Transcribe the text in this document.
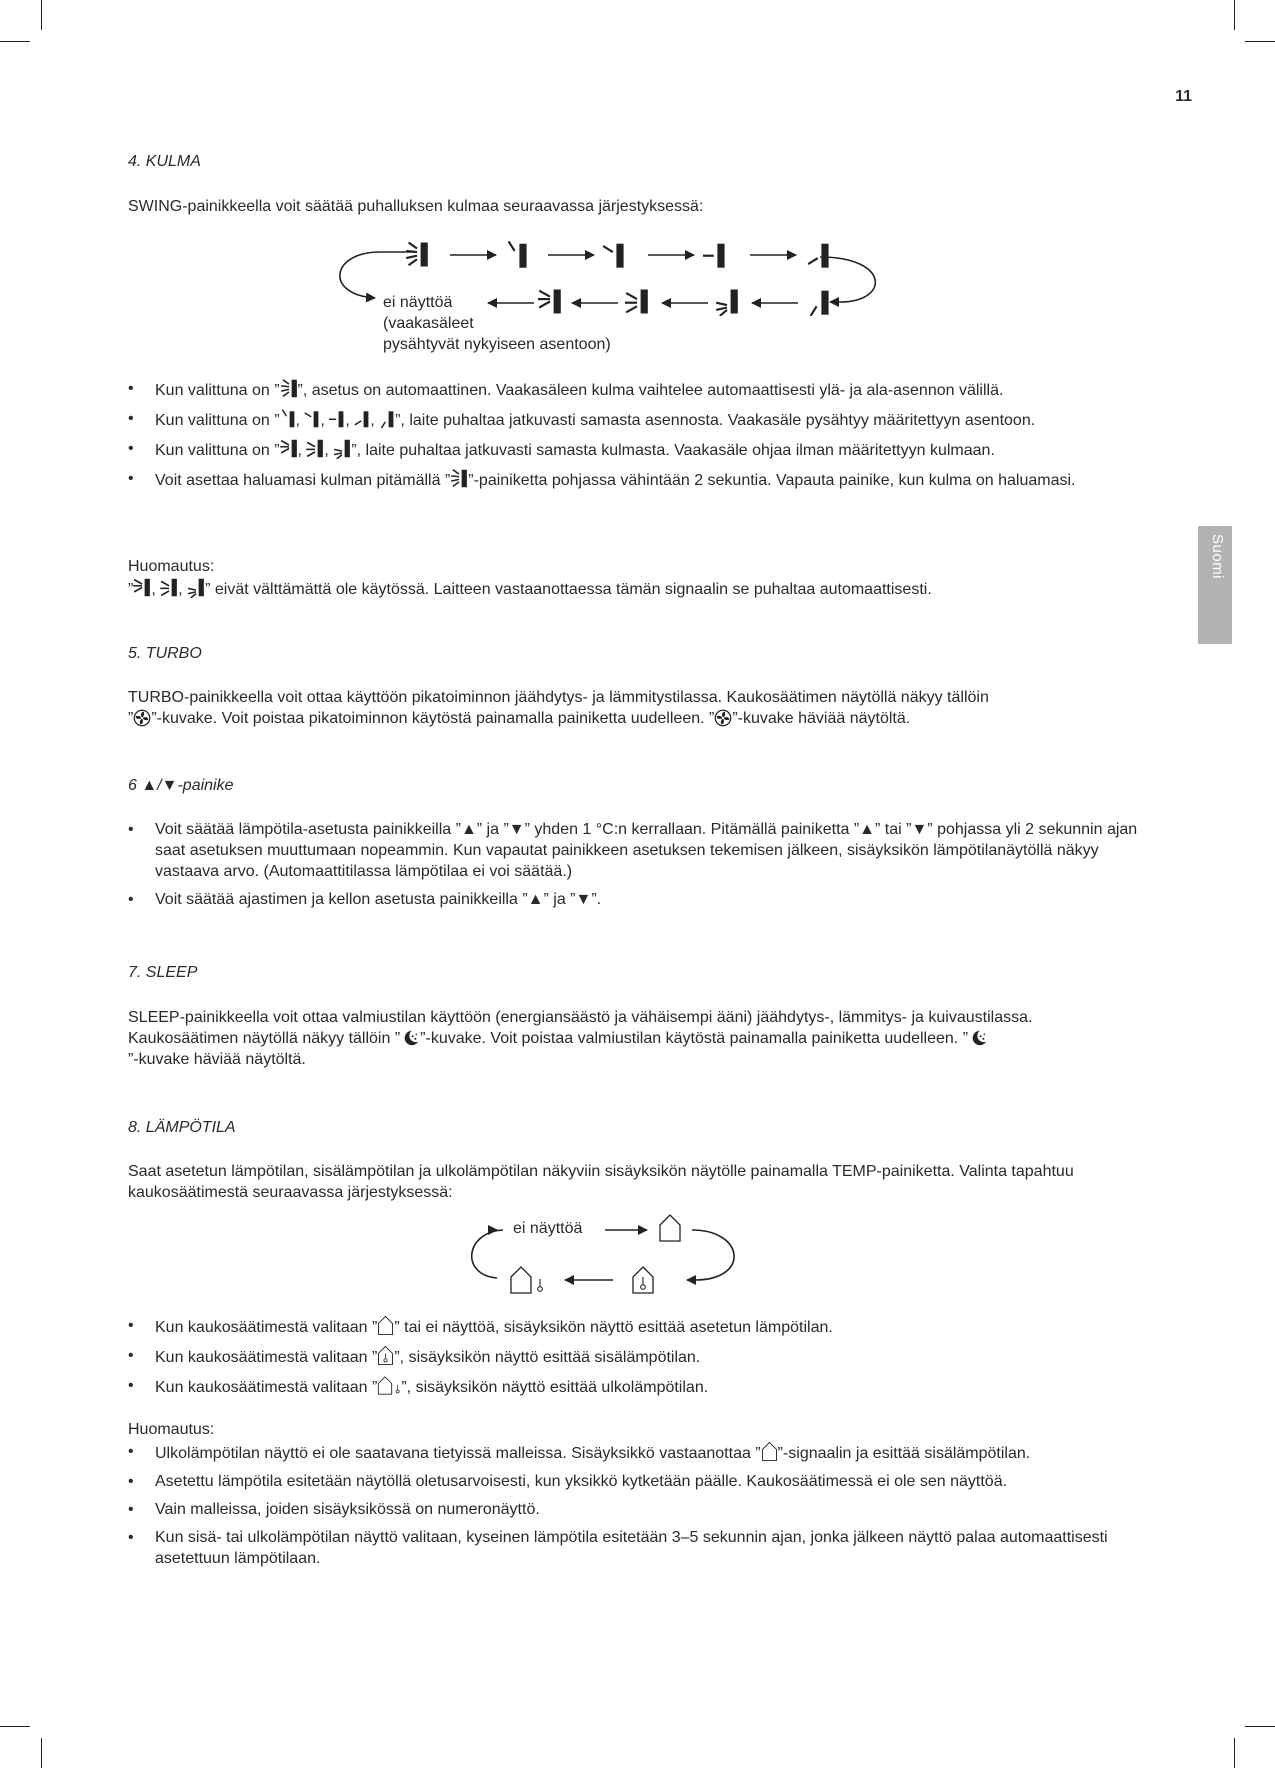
11
Suomi
4. KULMA
SWING-painikkeella voit säätää puhalluksen kulmaa seuraavassa järjestyksessä:
ei näyttöä
(vaakasäleet
pysähtyvät nykyiseen asentoon)
• Kun valittuna on ” ”, asetus on automaattinen. Vaakasäleen kulma vaihtelee automaattisesti ylä- ja ala-asennon välillä.
• Kun valittuna on ” , , , , ”, laite puhaltaa jatkuvasti samasta asennosta. Vaakasäle pysähtyy määritettyyn asentoon.
• Kun valittuna on ” , , ”, laite puhaltaa jatkuvasti samasta kulmasta. Vaakasäle ohjaa ilman määritettyyn kulmaan.
• Voit asettaa haluamasi kulman pitämällä ” ”-painiketta pohjassa vähintään 2 sekuntia. Vapauta painike, kun kulma on haluamasi.
Huomautus:
” , , ” eivät välttämättä ole käytössä. Laitteen vastaanottaessa tämän signaalin se puhaltaa automaattisesti.
5. TURBO
TURBO-painikkeella voit ottaa käyttöön pikatoiminnon jäähdytys- ja lämmitystilassa. Kaukosäätimen näytöllä näkyy tällöin
” ”-kuvake. Voit poistaa pikatoiminnon käytöstä painamalla painiketta uudelleen. ” ”-kuvake häviää näytöltä.
6 ▲/▼-painike
• Voit säätää lämpötila-asetusta painikkeilla ”▲” ja ”▼” yhden 1 °C:n kerrallaan. Pitämällä painiketta ”▲” tai ”▼” pohjassa yli 2 sekunnin ajan saat asetuksen muuttumaan nopeammin. Kun vapautat painikkeen asetuksen tekemisen jälkeen, sisäyksikön lämpötilanäytöllä näkyy vastaava arvo. (Automaattitilassa lämpötilaa ei voi säätää.)
• Voit säätää ajastimen ja kellon asetusta painikkeilla ”▲” ja ”▼”.
7. SLEEP
SLEEP-painikkeella voit ottaa valmiustilan käyttöön (energiansäästö ja vähäisempi ääni) jäähdytys-, lämmitys- ja kuivaustilassa.
Kaukosäätimen näytöllä näkyy tällöin ” ”-kuvake. Voit poistaa valmiustilan käytöstä painamalla painiketta uudelleen. ”
”-kuvake häviää näytöltä.
8. LÄMPÖTILA
Saat asetetun lämpötilan, sisälämpötilan ja ulkolämpötilan näkyviin sisäyksikön näytölle painamalla TEMP-painiketta. Valinta tapahtuu kaukosäätimestä seuraavassa järjestyksessä:
ei näyttöä
• Kun kaukosäätimestä valitaan ” ” tai ei näyttöä, sisäyksikön näyttö esittää asetetun lämpötilan.
• Kun kaukosäätimestä valitaan ” ”, sisäyksikön näyttö esittää sisälämpötilan.
• Kun kaukosäätimestä valitaan ” ”, sisäyksikön näyttö esittää ulkolämpötilan.
Huomautus:
• Ulkolämpötilan näyttö ei ole saatavana tietyissä malleissa. Sisäyksikkö vastaanottaa ” ”-signaalin ja esittää sisälämpötilan.
• Asetettu lämpötila esitetään näytöllä oletusarvoisesti, kun yksikkö kytketään päälle. Kaukosäätimessä ei ole sen näyttöä.
• Vain malleissa, joiden sisäyksikössä on numeronäyttö.
• Kun sisä- tai ulkolämpötilan näyttö valitaan, kyseinen lämpötila esitetään 3–5 sekunnin ajan, jonka jälkeen näyttö palaa automaattisesti asetettuun lämpötilaan.
